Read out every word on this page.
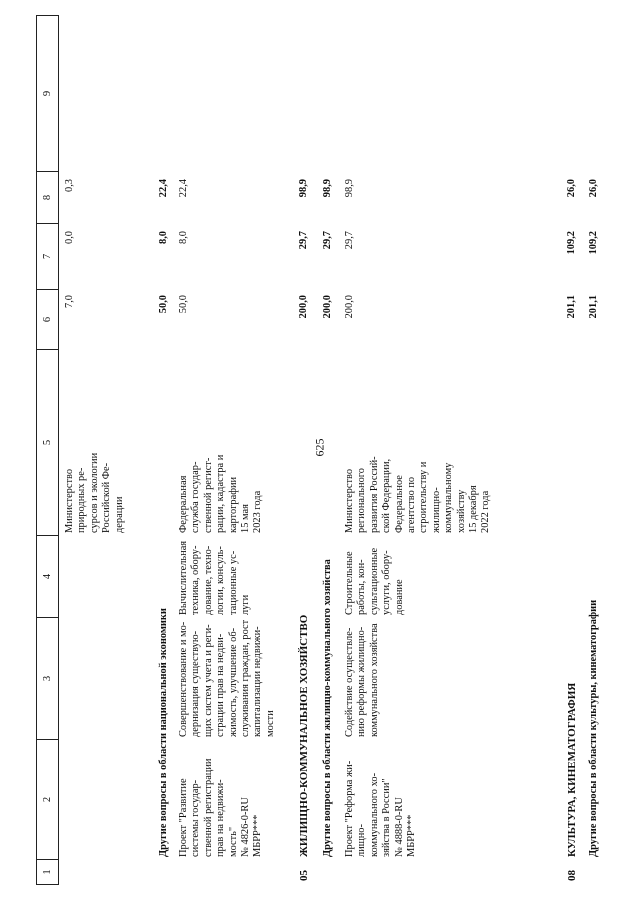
625
1
2
3
4
5
6
7
8
9
Министерство
природных ре-
сурсов и экологии
Российской Фе-
дерации
7,0
0,0
0,3
Другие вопросы в области национальной экономики
50,0
8,0
22,4
Проект "Развитие
системы государ-
ственной регистрации
прав на недвижи-
мость"
№ 4826-0-RU
МБРР***
Совершенствование и мо-
дернизация существую-
щих систем учета и реги-
страции прав на недви-
жимость, улучшение об-
служивания граждан, рост
капитализации недвижи-
мости
Вычислительная
техника, обору-
дование, техно-
логии, консуль-
тационные ус-
луги
Федеральная
служба государ-
ственной регист-
рации, кадастра и
картографии
15 мая
2023 года
50,0
8,0
22,4
05
ЖИЛИЩНО-КОММУНАЛЬНОЕ ХОЗЯЙСТВО
200,0
29,7
98,9
Другие вопросы в области жилищно-коммунального хозяйства
200,0
29,7
98,9
Проект "Реформа жи-
лищно-
коммунального хо-
зяйства в России"
№ 4888-0-RU
МБРР***
Содействие осуществле-
нию реформы жилищно-
коммунального хозяйства
Строительные
работы, кон-
сультационные
услуги, обору-
дование
Министерство
регионального
развития Россий-
ской Федерации,
Федеральное
агентство по
строительству и
жилищно-
коммунальному
хозяйству
15 декабря
2022 года
200,0
29,7
98,9
08
КУЛЬТУРА, КИНЕМАТОГРАФИЯ
201,1
109,2
26,0
Другие вопросы в области культуры, кинематографии
201,1
109,2
26,0
